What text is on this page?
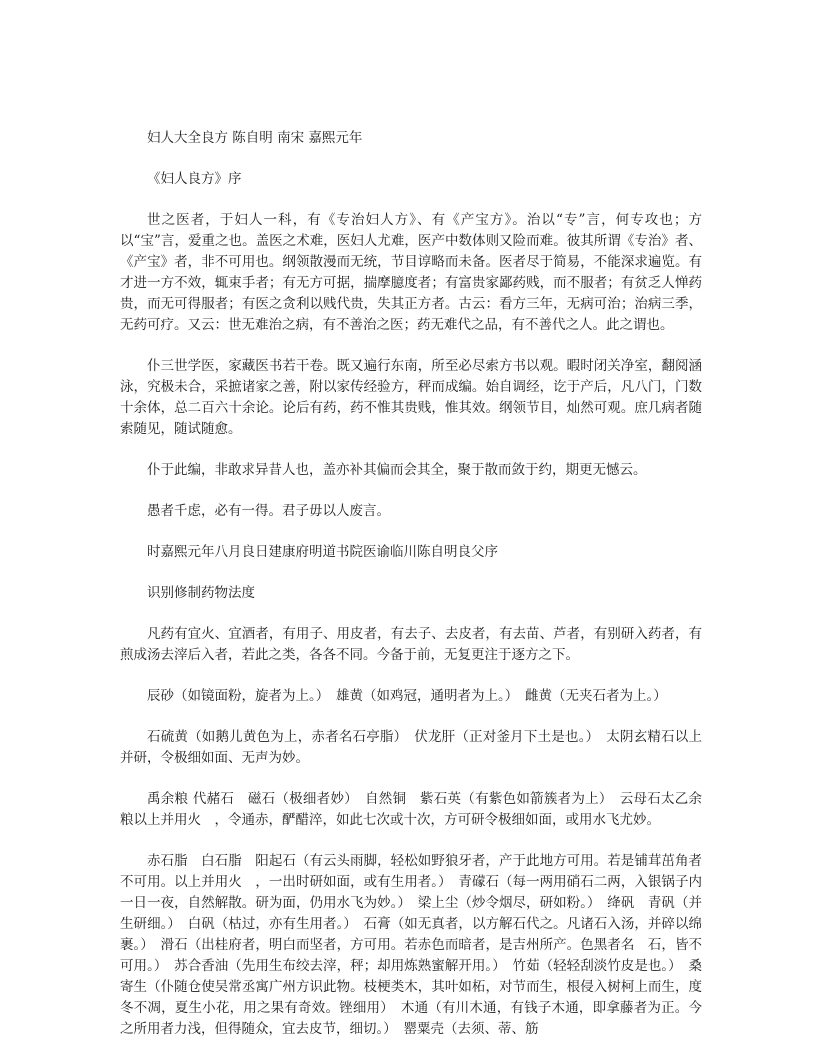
妇人大全良方 陈自明 南宋 嘉熙元年

《妇人良方》序

世之医者，于妇人一科，有《专治妇人方》、有《产宝方》。治以“专”言，何专攻也；方以“宝”言，爱重之也。盖医之术难，医妇人尤难，医产中数体则又险而难。彼其所谓《专治》者、《产宝》者，非不可用也。纲领散漫而无统，节目谆略而未备。医者尽于简易，不能深求遍览。有才进一方不效，辄束手者；有无方可据，揣摩臆度者；有富贵家鄙药贱，而不服者；有贫乏人惮药贵，而无可得服者；有医之贪利以贱代贵，失其正方者。古云：看方三年，无病可治；治病三季，无药可疗。又云：世无难治之病，有不善治之医；药无难代之品，有不善代之人。此之谓也。

仆三世学医，家藏医书若干卷。既又遍行东南，所至必尽索方书以观。暇时闭关净室，翻阅涵泳，究极未合，采摭诸家之善，附以家传经验方，秤而成编。始自调经，讫于产后，凡八门，门数十余体，总二百六十余论。论后有药，药不惟其贵贱，惟其效。纲领节目，灿然可观。庶几病者随索随见，随试随愈。

仆于此编，非敢求异昔人也，盖亦补其偏而会其全，聚于散而敛于约，期更无憾云。

愚者千虑，必有一得。君子毋以人废言。

时嘉熙元年八月良日建康府明道书院医谕临川陈自明良父序

识别修制药物法度

凡药有宜火、宜酒者，有用子、用皮者，有去子、去皮者，有去苗、芦者，有别研入药者，有煎成汤去滓后入者，若此之类，各各不同。今备于前，无复更注于逐方之下。

辰砂（如镜面粉，旋者为上。）　雄黄（如鸡冠，通明者为上。）　雌黄（无夹石者为上。）

石硫黄（如鹅儿黄色为上，赤者名石亭脂）　伏龙肝（正对釜月下土是也。）　太阴玄精石以上并研，令极细如面、无声为妙。

禹余粮 代赭石　磁石（极细者妙）　自然铜　紫石英（有紫色如箭簇者为上）　云母石太乙余粮以上并用火　，令通赤，酽醋淬，如此七次或十次，方可研令极细如面，或用水飞尤妙。

赤石脂　白石脂　阳起石（有云头雨脚，轻松如野狼牙者，产于此地方可用。若是铺茸茁角者不可用。以上并用火　，一出时研如面，或有生用者。）　青礞石（每一两用硝石二两，入银锅子内　一日一夜，自然解散。研为面，仍用水飞为妙。）　梁上尘（炒令烟尽，研如粉。）　绛矾　青矾（并生研细。）　白矾（枯过，亦有生用者。）　石膏（如无真者，以方解石代之。凡诸石入汤，并碎以绵裹。）　滑石（出桂府者，明白而坚者，方可用。若赤色而暗者，是吉州所产。色黑者名　石，皆不可用。）　苏合香油（先用生布绞去滓，秤；却用炼熟蜜解开用。）　竹茹（轻轻刮淡竹皮是也。）　桑寄生（仆随仓使吴常丞寓广州方识此物。枝梗类木，其叶如柘，对节而生，根侵入树柯上而生，度冬不凋，夏生小花，用之果有奇效。锉细用）　木通（有川木通，有钱子木通，即拿藤者为正。今之所用者力浅，但得随众，宜去皮节，细切。）　罂粟壳（去须、蒂、筋
